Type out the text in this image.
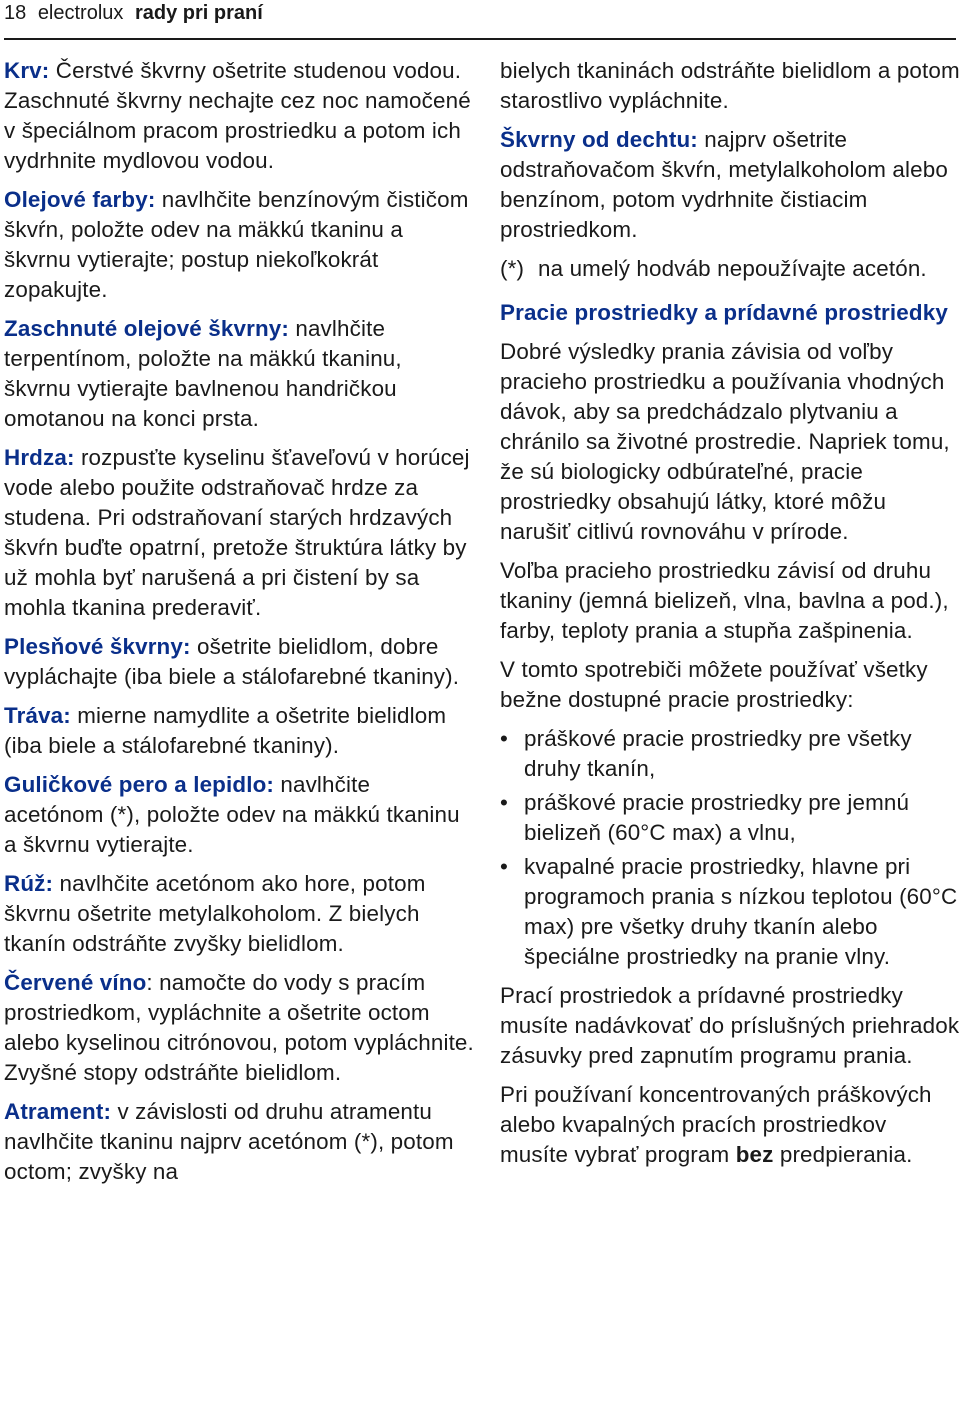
18 electrolux rady pri praní

Krv: Čerstvé škvrny ošetrite studenou vodou. Zaschnuté škvrny nechajte cez noc namočené v špeciálnom pracom prostriedku a potom ich vydrhnite mydlovou vodou.

Olejové farby: navlhčite benzínovým čističom škvŕn, položte odev na mäkkú tkaninu a škvrnu vytierajte; postup niekoľkokrát zopakujte.

Zaschnuté olejové škvrny: navlhčite terpentínom, položte na mäkkú tkaninu, škvrnu vytierajte bavlnenou handričkou omotanou na konci prsta.

Hrdza: rozpusťte kyselinu šťaveľovú v horúcej vode alebo použite odstraňovač hrdze za studena. Pri odstraňovaní starých hrdzavých škvŕn buďte opatrní, pretože štruktúra látky by už mohla byť narušená a pri čistení by sa mohla tkanina prederaviť.

Plesňové škvrny: ošetrite bielidlom, dobre vypláchajte (iba biele a stálofarebné tkaniny).

Tráva: mierne namydlite a ošetrite bielidlom (iba biele a stálofarebné tkaniny).

Guličkové pero a lepidlo: navlhčite acetónom (*), položte odev na mäkkú tkaninu a škvrnu vytierajte.

Rúž: navlhčite acetónom ako hore, potom škvrnu ošetrite metylalkoholom. Z bielych tkanín odstráňte zvyšky bielidlom.

Červené víno: namočte do vody s pracím prostriedkom, vypláchnite a ošetrite octom alebo kyselinou citrónovou, potom vypláchnite. Zvyšné stopy odstráňte bielidlom.

Atrament: v závislosti od druhu atramentu navlhčite tkaninu najprv acetónom (*), potom octom; zvyšky na

bielych tkaninách odstráňte bielidlom a potom starostlivo vypláchnite.

Škvrny od dechtu: najprv ošetrite odstraňovačom škvŕn, metylalkoholom alebo benzínom, potom vydrhnite čistiacim prostriedkom.

(*) na umelý hodváb nepoužívajte acetón.

Pracie prostriedky a prídavné prostriedky

Dobré výsledky prania závisia od voľby pracieho prostriedku a používania vhodných dávok, aby sa predchádzalo plytvaniu a chránilo sa životné prostredie. Napriek tomu, že sú biologicky odbúrateľné, pracie prostriedky obsahujú látky, ktoré môžu narušiť citlivú rovnováhu v prírode.

Voľba pracieho prostriedku závisí od druhu tkaniny (jemná bielizeň, vlna, bavlna a pod.), farby, teploty prania a stupňa zašpinenia.

V tomto spotrebiči môžete používať všetky bežne dostupné pracie prostriedky:

• práškové pracie prostriedky pre všetky druhy tkanín,
• práškové pracie prostriedky pre jemnú bielizeň (60°C max) a vlnu,
• kvapalné pracie prostriedky, hlavne pri programoch prania s nízkou teplotou (60°C max) pre všetky druhy tkanín alebo špeciálne prostriedky na pranie vlny.

Prací prostriedok a prídavné prostriedky musíte nadávkovať do príslušných priehradok zásuvky pred zapnutím programu prania.

Pri používaní koncentrovaných práškových alebo kvapalných pracích prostriedkov musíte vybrať program bez predpierania.
